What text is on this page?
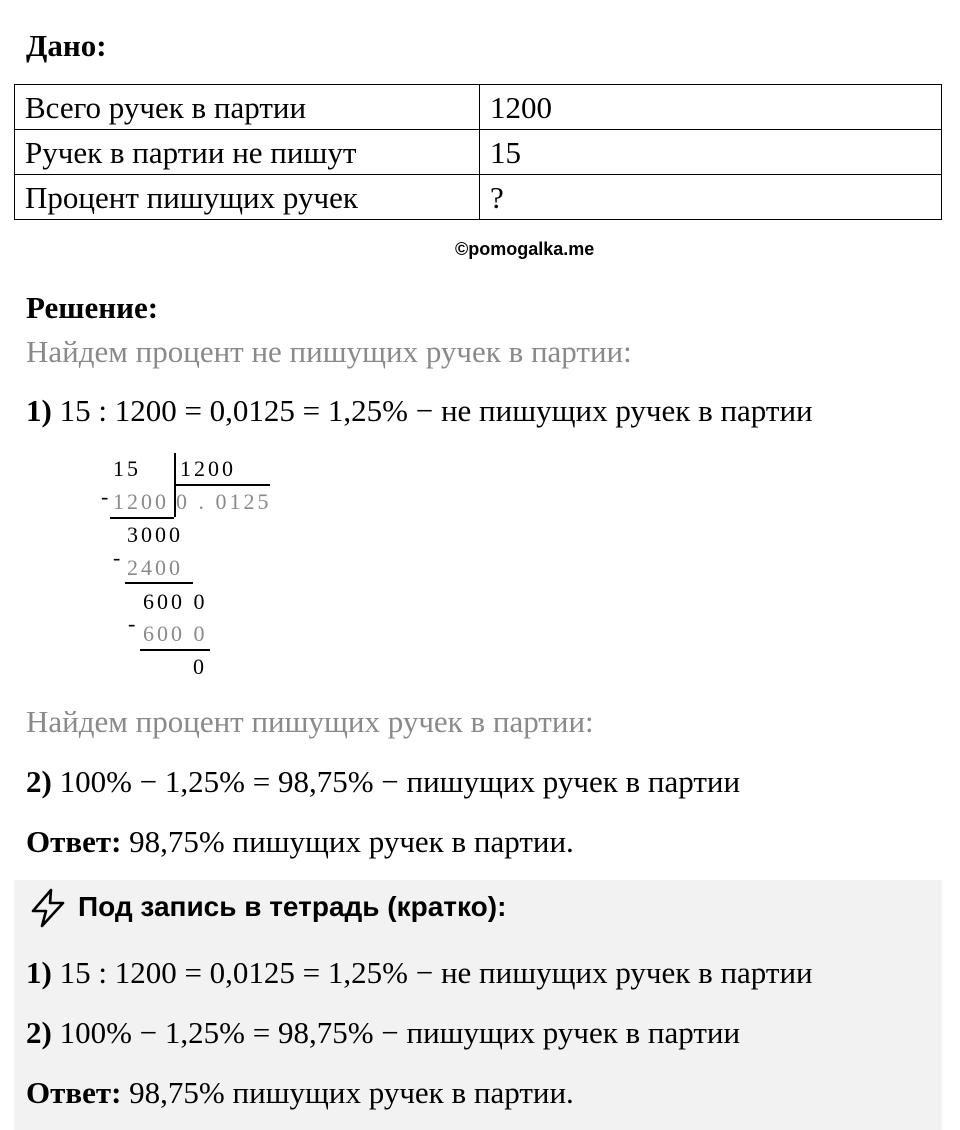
Дано:
Всего ручек в партии	1200
Ручек в партии не пишут	15
Процент пишущих ручек	?
©pomogalka.me
Решение:
Найдем процент не пишущих ручек в партии:
1) 15 : 1200 = 0,0125 = 1,25% − не пишущих ручек в партии
15 1200
- 1200 0 . 0125
3000
- 2400
600 0
- 600 0
0
Найдем процент пишущих ручек в партии:
2) 100% − 1,25% = 98,75% − пишущих ручек в партии
Ответ: 98,75% пишущих ручек в партии.
Под запись в тетрадь (кратко):
1) 15 : 1200 = 0,0125 = 1,25% − не пишущих ручек в партии
2) 100% − 1,25% = 98,75% − пишущих ручек в партии
Ответ: 98,75% пишущих ручек в партии.
